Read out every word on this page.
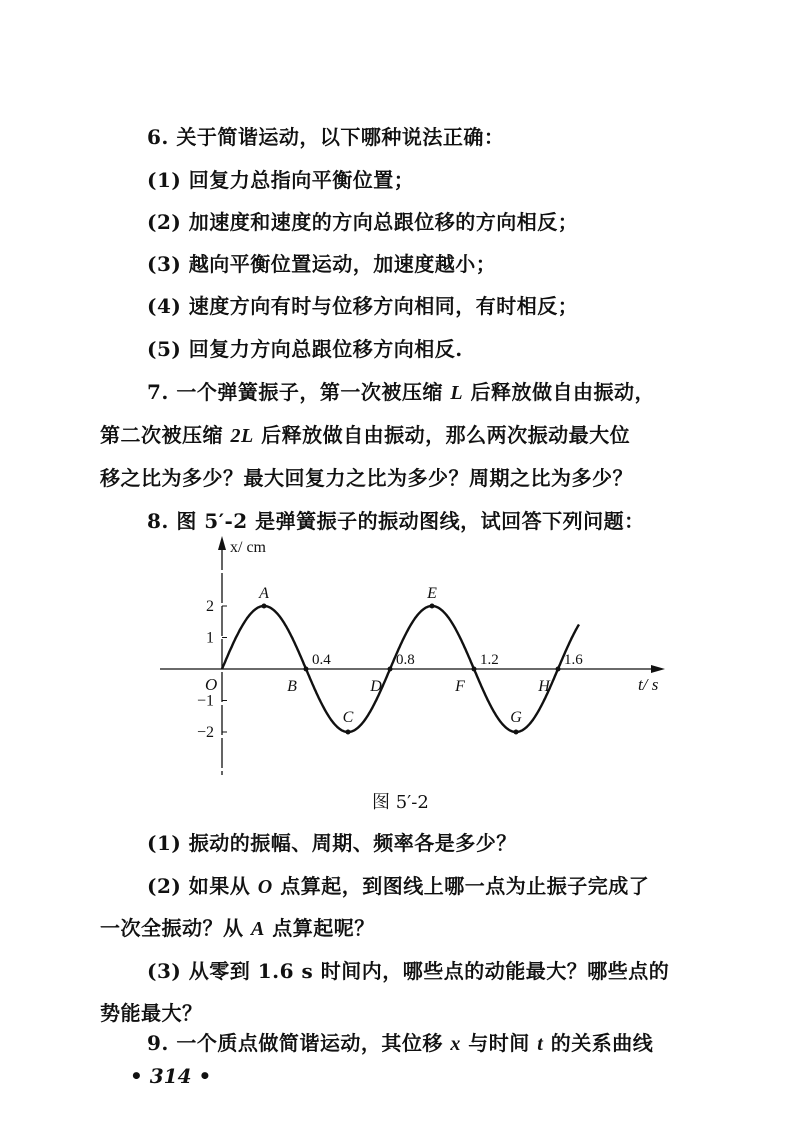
6. 关于简谐运动，以下哪种说法正确：
(1) 回复力总指向平衡位置；
(2) 加速度和速度的方向总跟位移的方向相反；
(3) 越向平衡位置运动，加速度越小；
(4) 速度方向有时与位移方向相同，有时相反；
(5) 回复力方向总跟位移方向相反.
7. 一个弹簧振子，第一次被压缩 L 后释放做自由振动，
第二次被压缩 2L 后释放做自由振动，那么两次振动最大位
移之比为多少？最大回复力之比为多少？周期之比为多少？
8. 图 5′-2 是弹簧振子的振动图线，试回答下列问题：
x/ cm
t/ s
O
2
1
−1
−2
0.4	0.8	1.2	1.6
A
B
C
D
E
F
G
H
图 5′-2
(1) 振动的振幅、周期、频率各是多少？
(2) 如果从 O 点算起，到图线上哪一点为止振子完成了
一次全振动？从 A 点算起呢？
(3) 从零到 1.6 s 时间内，哪些点的动能最大？哪些点的
势能最大？
9. 一个质点做简谐运动，其位移 x 与时间 t 的关系曲线
• 314 •
